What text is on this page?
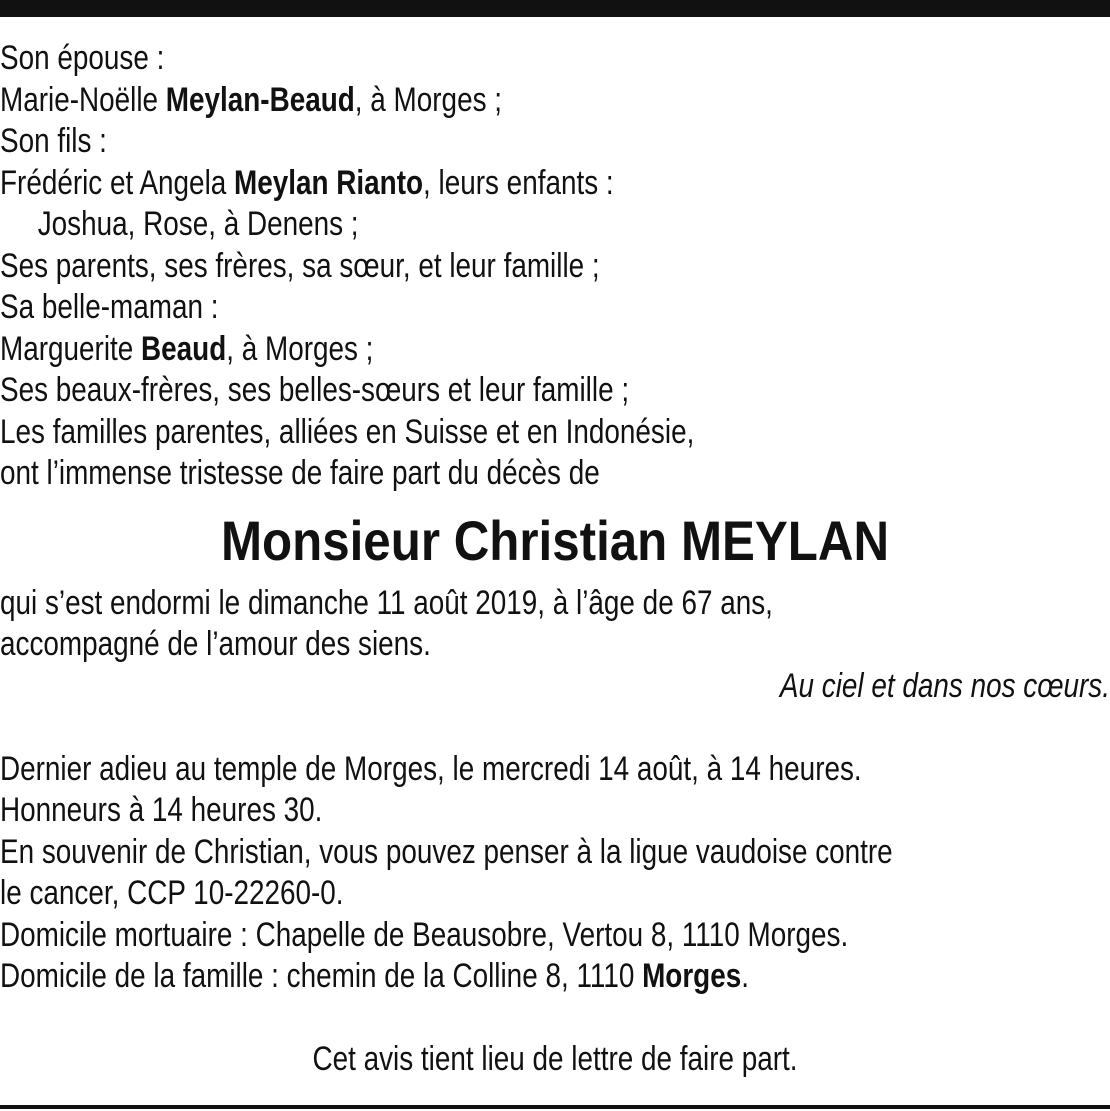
Son épouse :
Marie-Noëlle Meylan-Beaud, à Morges ;
Son fils :
Frédéric et Angela Meylan Rianto, leurs enfants :
Joshua, Rose, à Denens ;
Ses parents, ses frères, sa sœur, et leur famille ;
Sa belle-maman :
Marguerite Beaud, à Morges ;
Ses beaux-frères, ses belles-sœurs et leur famille ;
Les familles parentes, alliées en Suisse et en Indonésie,
ont l’immense tristesse de faire part du décès de
Monsieur Christian MEYLAN
qui s’est endormi le dimanche 11 août 2019, à l’âge de 67 ans,
accompagné de l’amour des siens.
Au ciel et dans nos cœurs.
Dernier adieu au temple de Morges, le mercredi 14 août, à 14 heures.
Honneurs à 14 heures 30.
En souvenir de Christian, vous pouvez penser à la ligue vaudoise contre
le cancer, CCP 10-22260-0.
Domicile mortuaire : Chapelle de Beausobre, Vertou 8, 1110 Morges.
Domicile de la famille : chemin de la Colline 8, 1110 Morges.
Cet avis tient lieu de lettre de faire part.
